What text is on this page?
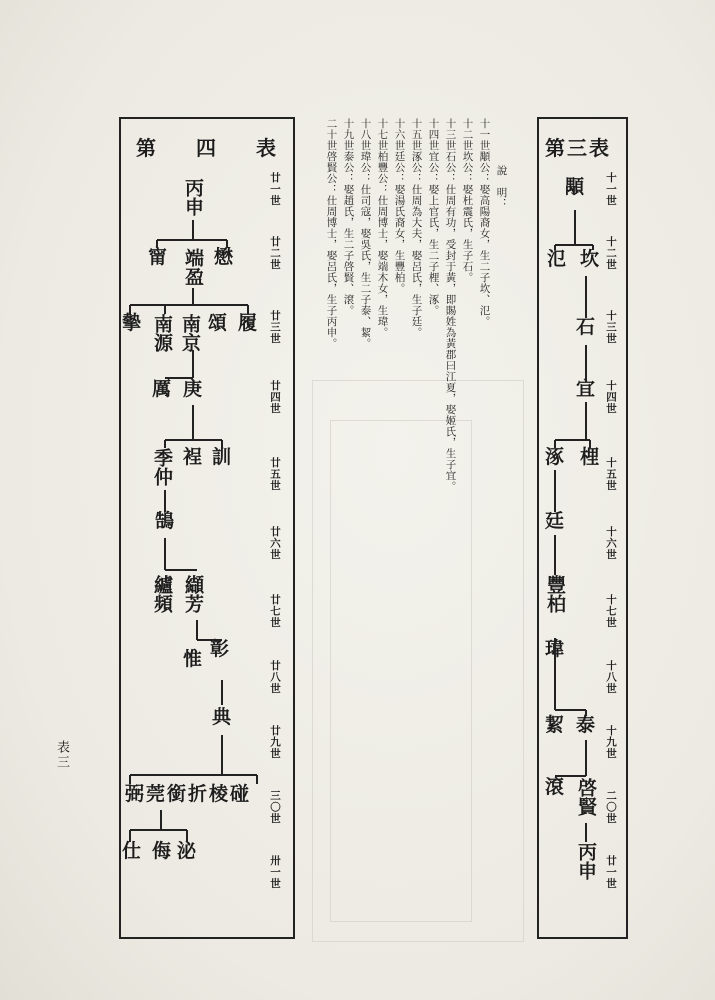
第三表
十一世
十二世
十三世
十四世
十五世
十六世
十七世
十八世
十九世
二〇世
廿一世
顒
坎
氾
石
宜
梩
涿
廷
豐柏
瑋
泰
絜
啓賢
滾
丙申
說　明：
十一世顒公：娶高陽裔女，生二子坎、氾。
十二世坎公：娶杜震氏，生子石。
十三世石公：仕周有功，受封于黃，即賜姓為黃郡曰江夏，娶姬氏，生子宜。
十四世宜公：娶上官氏，生二子梩、涿。
十五世涿公：仕周為大夫，娶呂氏，生子廷。
十六世廷公：娶湯氏裔女，生豐柏。
十七世柏豐公：仕周博士，娶端木女，生瑋。
十八世瑋公：仕司寇，娶吳氏，生二子泰、絜。
十九世泰公：娶趙氏，生二子啓賢、滾。
二十世啓賢公：仕周博士，娶呂氏，生子丙申。
第四表
廿一世
廿二世
廿三世
廿四世
廿五世
廿六世
廿七世
廿八世
廿九世
三〇世
卅一世
丙申
懋
端盈
甯
履
頌
南京
南源
摰
庚
厲
訓
裎
季仲
鵠
纈芳
纑頻
彰
惟
典
泌
侮
仕
弼莞銜折棱碰
表三
